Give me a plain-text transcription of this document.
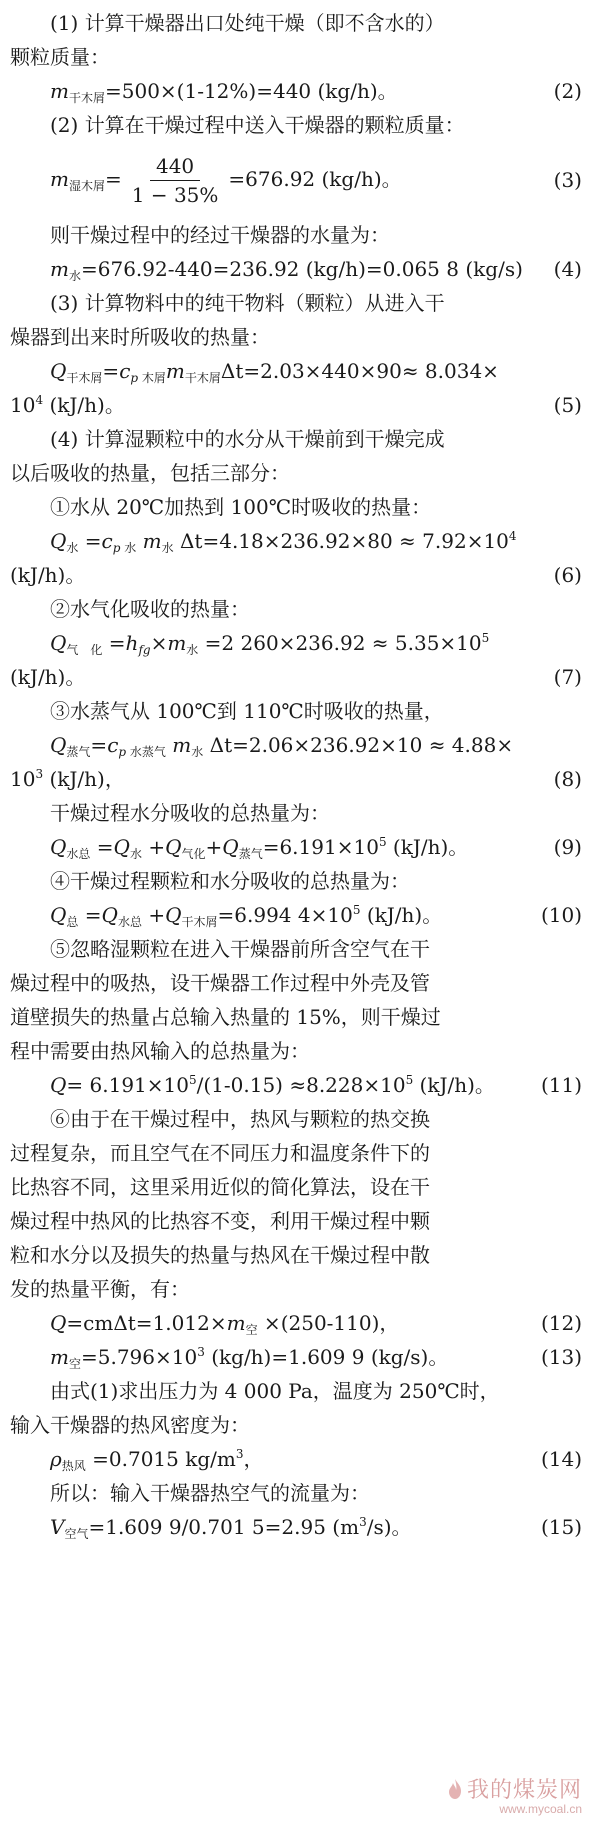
(1) 计算干燥器出口处纯干燥（即不含水的）
颗粒质量：
$m_{干木屑}=500\times(1-12\%)=440$ (kg/h)。	(2)
(2) 计算在干燥过程中送入干燥器的颗粒质量：
$m_{湿木屑}= \frac{440}{1 - 35\%} =676.92$ (kg/h)。	(3)
则干燥过程中的经过干燥器的水量为：
$m_水=676.92-440=236.92$ (kg/h)=0.065 8 (kg/s) (4)
(3) 计算物料中的纯干物料（颗粒）从进入干
燥器到出来时所吸收的热量：
$Q_{干木屑}=c_{p 木屑}m_{干木屑}\Delta t=2.03\times 440\times 90\approx 8.034\times$
$10^4$ (kJ/h)。	(5)
(4) 计算湿颗粒中的水分从干燥前到干燥完成
以后吸收的热量，包括三部分：
①水从 20℃加热到 100℃时吸收的热量：
$Q_水 =c_{p 水}$ $m_水$ $\Delta t=4.18\times 236.92\times 80 \approx 7.92\times 10^4$
(kJ/h)。	(6)
②水气化吸收的热量：
$Q_{气 化} =h_{fg}\times m_水 =2$ $260\times 236.92 \approx 5.35\times 10^5$
(kJ/h)。	(7)
③水蒸气从 100℃到 110℃时吸收的热量，
$Q_{蒸气}=c_{p 水蒸气}$ $m_水$ Δt=2.06×236.92×10 ≈ 4.88×
$10^3$ (kJ/h)，	(8)
干燥过程水分吸收的总热量为：
$Q_{水总} =Q_水 +Q_{气化}+Q_{蒸气}=6.191\times 10^5$ (kJ/h)。	(9)
④干燥过程颗粒和水分吸收的总热量为：
$Q_总 =Q_{水总} +Q_{干木屑}=6.994$ $4\times 10^5$ (kJ/h)。	(10)
⑤忽略湿颗粒在进入干燥器前所含空气在干
燥过程中的吸热，设干燥器工作过程中外壳及管
道壁损失的热量占总输入热量的 15%，则干燥过
程中需要由热风输入的总热量为：
$Q= 6.191\times 10^5/(1-0.15) \approx 8.228\times 10^5$ (kJ/h)。 (11)
⑥由于在干燥过程中，热风与颗粒的热交换
过程复杂，而且空气在不同压力和温度条件下的
比热容不同，这里采用近似的简化算法，设在干
燥过程中热风的比热容不变，利用干燥过程中颗
粒和水分以及损失的热量与热风在干燥过程中散
发的热量平衡，有：
$Q=cm\Delta t=1.012\times m_空 \times(250-110)$，	(12)
$m_空=5.796\times 10^3$ (kg/h)=1.609 9 (kg/s)。	(13)
由式(1)求出压力为 4 000 Pa，温度为 250℃时，
输入干燥器的热风密度为：
$\rho_{热风} =0.7015$ $kg/m^3$，	(14)
所以：输入干燥器热空气的流量为：
$V_{空气}=1.609$ 9/0.701 5=2.95 $(m^3/s)$。	(15)
我的煤炭网
www.mycoal.cn
